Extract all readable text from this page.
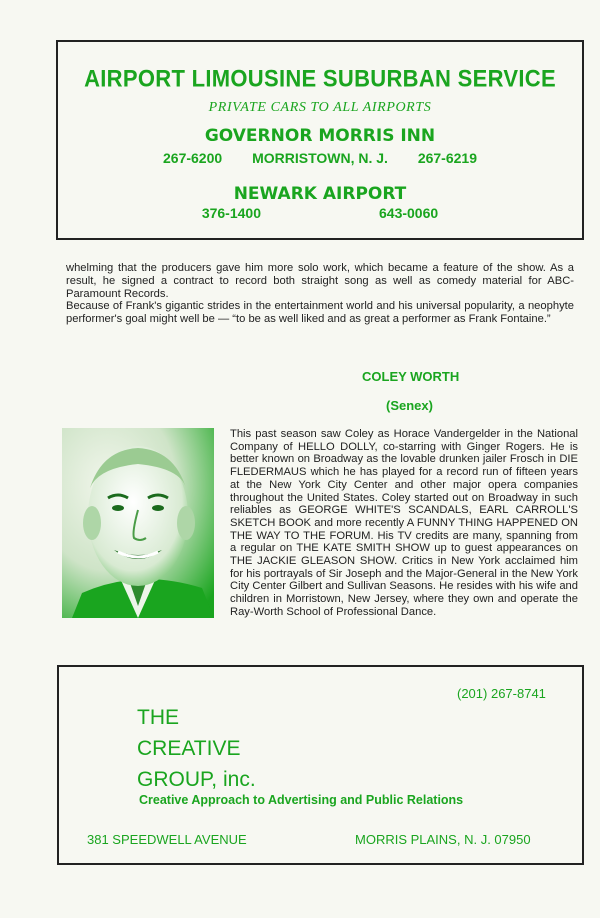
AIRPORT LIMOUSINE SUBURBAN SERVICE
PRIVATE CARS TO ALL AIRPORTS
GOVERNOR MORRIS INN
267-6200 MORRISTOWN, N. J. 267-6219
NEWARK AIRPORT
376-1400	643-0060

whelming that the producers gave him more solo work, which became a feature of the show. As a result, he signed a contract to record both straight song as well as comedy material for ABC-Paramount Records.

Because of Frank's gigantic strides in the entertainment world and his universal popularity, a neophyte performer's goal might well be — “to be as well liked and as great a performer as Frank Fontaine.”

COLEY WORTH
(Senex)

This past season saw Coley as Horace Vandergelder in the National Company of HELLO DOLLY, co-starring with Ginger Rogers. He is better known on Broadway as the lovable drunken jailer Frosch in DIE FLEDERMAUS which he has played for a record run of fifteen years at the New York City Center and other major opera companies throughout the United States. Coley started out on Broadway in such reliables as GEORGE WHITE'S SCANDALS, EARL CARROLL'S SKETCH BOOK and more recently A FUNNY THING HAPPENED ON THE WAY TO THE FORUM. His TV credits are many, spanning from a regular on THE KATE SMITH SHOW up to guest appearances on THE JACKIE GLEASON SHOW. Critics in New York acclaimed him for his portrayals of Sir Joseph and the Major-General in the New York City Center Gilbert and Sullivan Seasons. He resides with his wife and children in Morristown, New Jersey, where they own and operate the Ray-Worth School of Professional Dance.

(201) 267-8741
THE
CREATIVE
GROUP, inc.
Creative Approach to Advertising and Public Relations
381 SPEEDWELL AVENUE	MORRIS PLAINS, N. J. 07950
